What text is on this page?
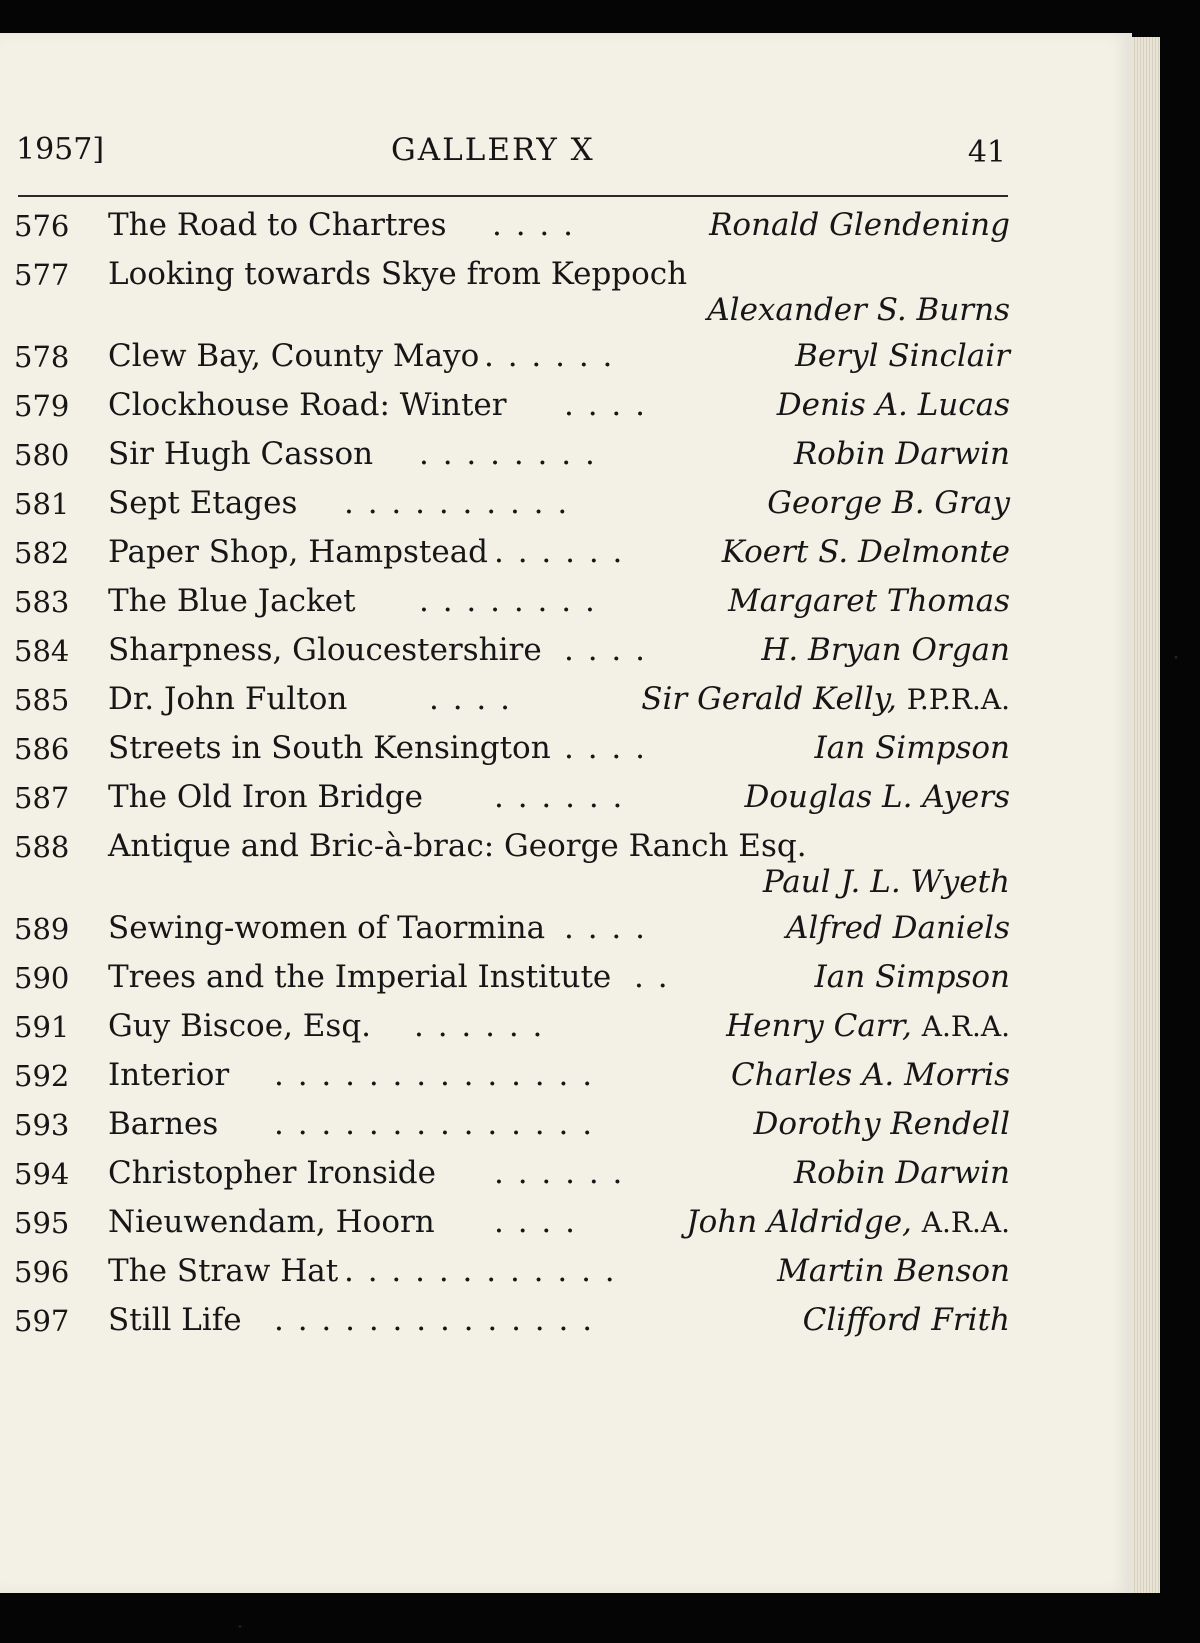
1957]	GALLERY X	41
576 The Road to Chartres . . . .	Ronald Glendening
577 Looking towards Skye from Keppoch
Alexander S. Burns
578 Clew Bay, County Mayo . . . . . .	Beryl Sinclair
579 Clockhouse Road: Winter . . . .	Denis A. Lucas
580 Sir Hugh Casson . . . . . . . .	Robin Darwin
581 Sept Etages . . . . . . . . . .	George B. Gray
582 Paper Shop, Hampstead . . . . . .	Koert S. Delmonte
583 The Blue Jacket . . . . . . . .	Margaret Thomas
584 Sharpness, Gloucestershire . . . .	H. Bryan Organ
585 Dr. John Fulton	. . . .	Sir Gerald Kelly, P.P.R.A.
586 Streets in South Kensington . . . .	Ian Simpson
587 The Old Iron Bridge . . . . . .	Douglas L. Ayers
588 Antique and Bric-à-brac: George Ranch Esq.
Paul J. L. Wyeth
589 Sewing-women of Taormina . . . .	Alfred Daniels
590 Trees and the Imperial Institute . .	Ian Simpson
591 Guy Biscoe, Esq. . . . . . .	Henry Carr, A.R.A.
592 Interior . . . . . . . . . . . . . .	Charles A. Morris
593 Barnes . . . . . . . . . . . . . .	Dorothy Rendell
594 Christopher Ironside . . . . . .	Robin Darwin
595 Nieuwendam, Hoorn . . . .	John Aldridge, A.R.A.
596 The Straw Hat . . . . . . . . . . . .	Martin Benson
597 Still Life . . . . . . . . . . . . . .	Clifford Frith
